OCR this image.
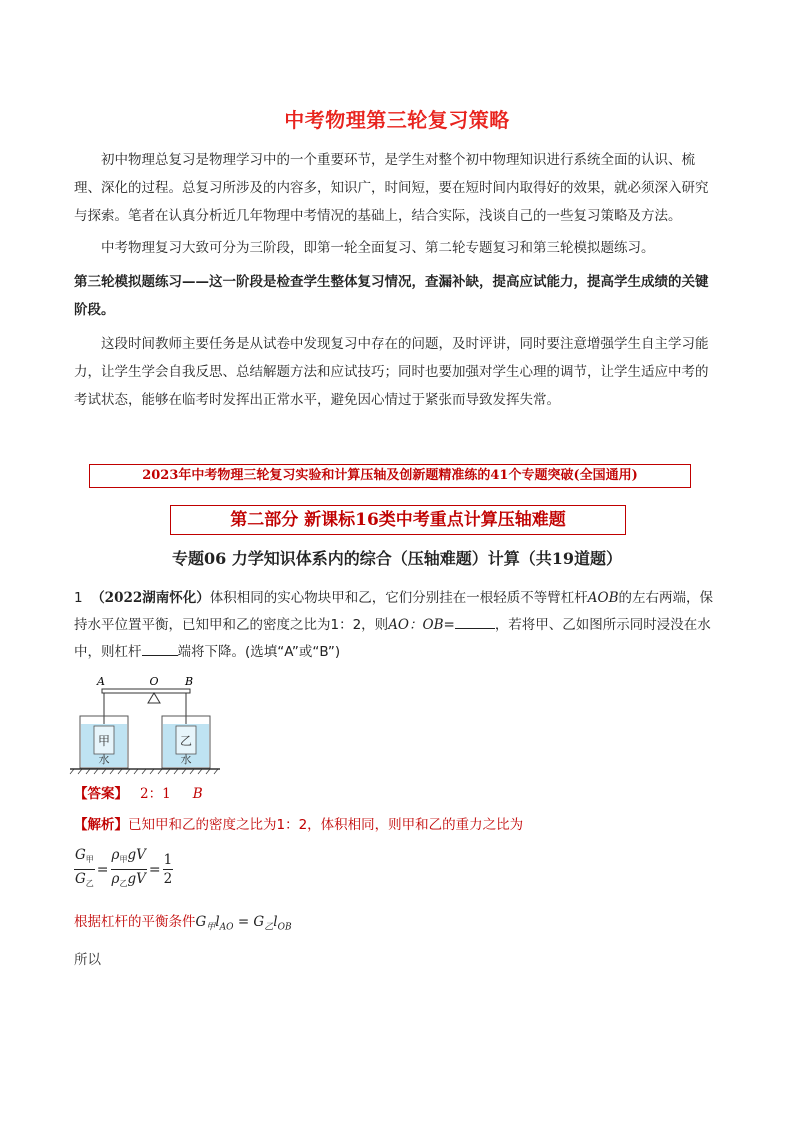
中考物理第三轮复习策略

初中物理总复习是物理学习中的一个重要环节，是学生对整个初中物理知识进行系统全面的认识、梳理、深化的过程。总复习所涉及的内容多，知识广，时间短，要在短时间内取得好的效果，就必须深入研究与探索。笔者在认真分析近几年物理中考情况的基础上，结合实际，浅谈自己的一些复习策略及方法。

中考物理复习大致可分为三阶段，即第一轮全面复习、第二轮专题复习和第三轮模拟题练习。

第三轮模拟题练习——这一阶段是检查学生整体复习情况，查漏补缺，提高应试能力，提高学生成绩的关键阶段。

这段时间教师主要任务是从试卷中发现复习中存在的问题，及时评讲，同时要注意增强学生自主学习能力，让学生学会自我反思、总结解题方法和应试技巧；同时也要加强对学生心理的调节，让学生适应中考的考试状态，能够在临考时发挥出正常水平，避免因心情过于紧张而导致发挥失常。

2023年中考物理三轮复习实验和计算压轴及创新题精准练的41个专题突破(全国通用)
第二部分 新课标16类中考重点计算压轴难题
专题06 力学知识体系内的综合（压轴难题）计算（共19道题）
1 （2022湖南怀化）体积相同的实心物块甲和乙，它们分别挂在一根轻质不等臂杠杆AOB的左右两端，保持水平位置平衡，已知甲和乙的密度之比为1：2，则AO：OB=	，若将甲、乙如图所示同时浸没在水中，则杠杆	端将下降。(选填“A”或“B”)
A	O B
甲
水
乙
水
【答案】 2：1 B
【解析】已知甲和乙的密度之比为1：2，体积相同，则甲和乙的重力之比为
$\frac{G_甲}{G_乙} = \frac{\rho_甲gV}{\rho_乙gV} = \frac{1}{2}$
根据杠杆的平衡条件$G_甲l_{AO} = G_乙l_{OB}$
所以
